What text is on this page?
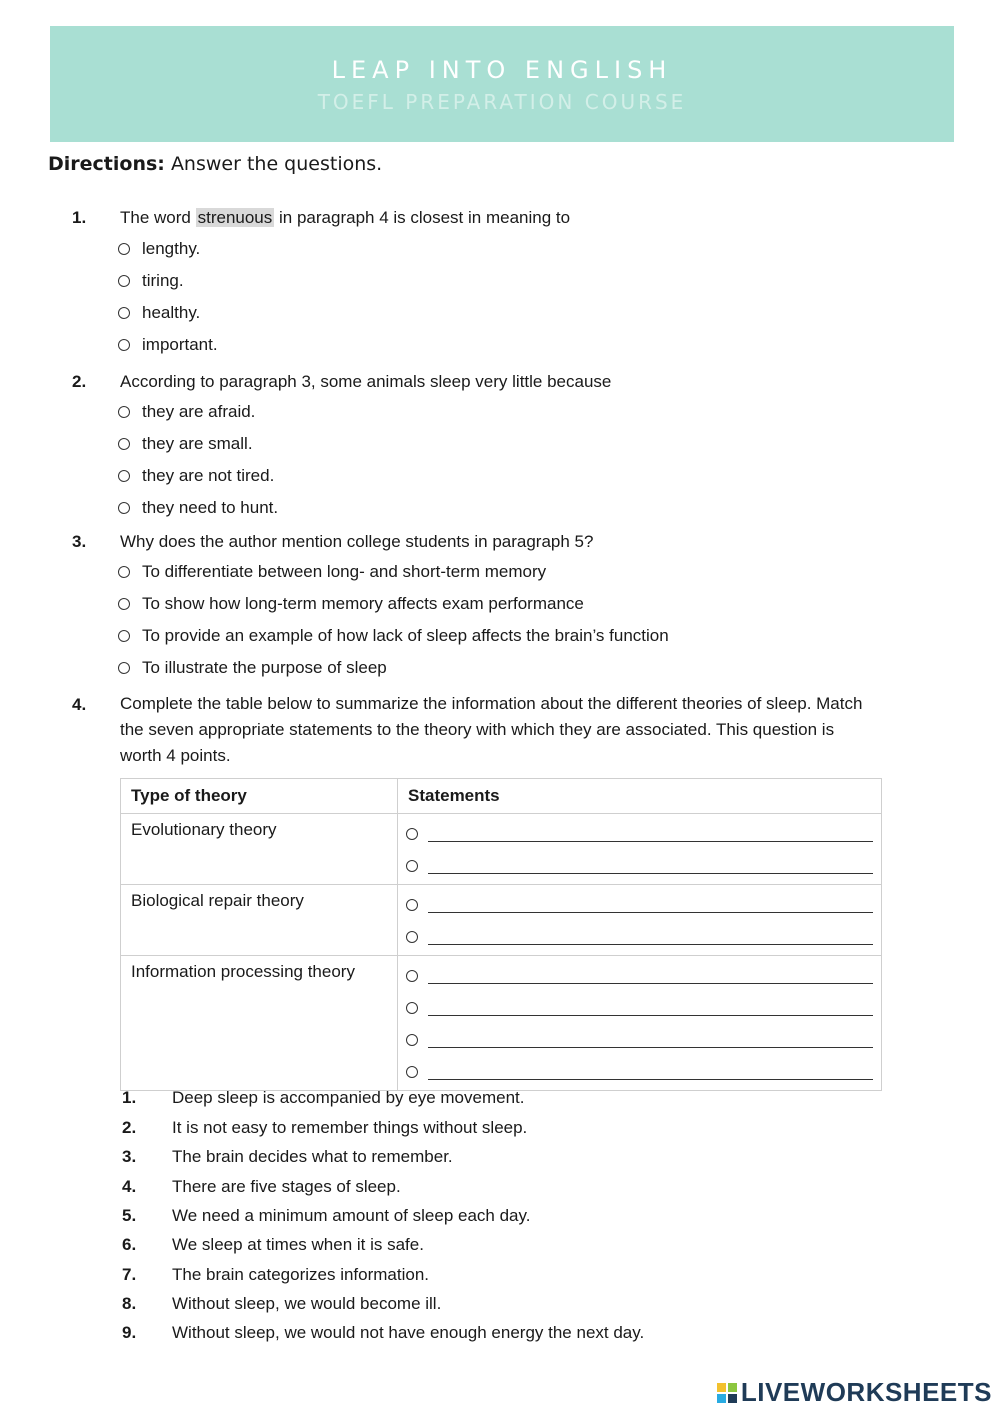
LEAP INTO ENGLISH
TOEFL PREPARATION COURSE
Directions: Answer the questions.
1. The word strenuous in paragraph 4 is closest in meaning to
lengthy.
tiring.
healthy.
important.
2. According to paragraph 3, some animals sleep very little because
they are afraid.
they are small.
they are not tired.
they need to hunt.
3. Why does the author mention college students in paragraph 5?
To differentiate between long- and short-term memory
To show how long-term memory affects exam performance
To provide an example of how lack of sleep affects the brain’s function
To illustrate the purpose of sleep
4. Complete the table below to summarize the information about the different theories of sleep. Match the seven appropriate statements to the theory with which they are associated. This question is worth 4 points.
Type of theory	Statements
Evolutionary theory	

Biological repair theory	

Information processing theory	
1. Deep sleep is accompanied by eye movement.
2. It is not easy to remember things without sleep.
3. The brain decides what to remember.
4. There are five stages of sleep.
5. We need a minimum amount of sleep each day.
6. We sleep at times when it is safe.
7. The brain categorizes information.
8. Without sleep, we would become ill.
9. Without sleep, we would not have enough energy the next day.
LIVEWORKSHEETS
